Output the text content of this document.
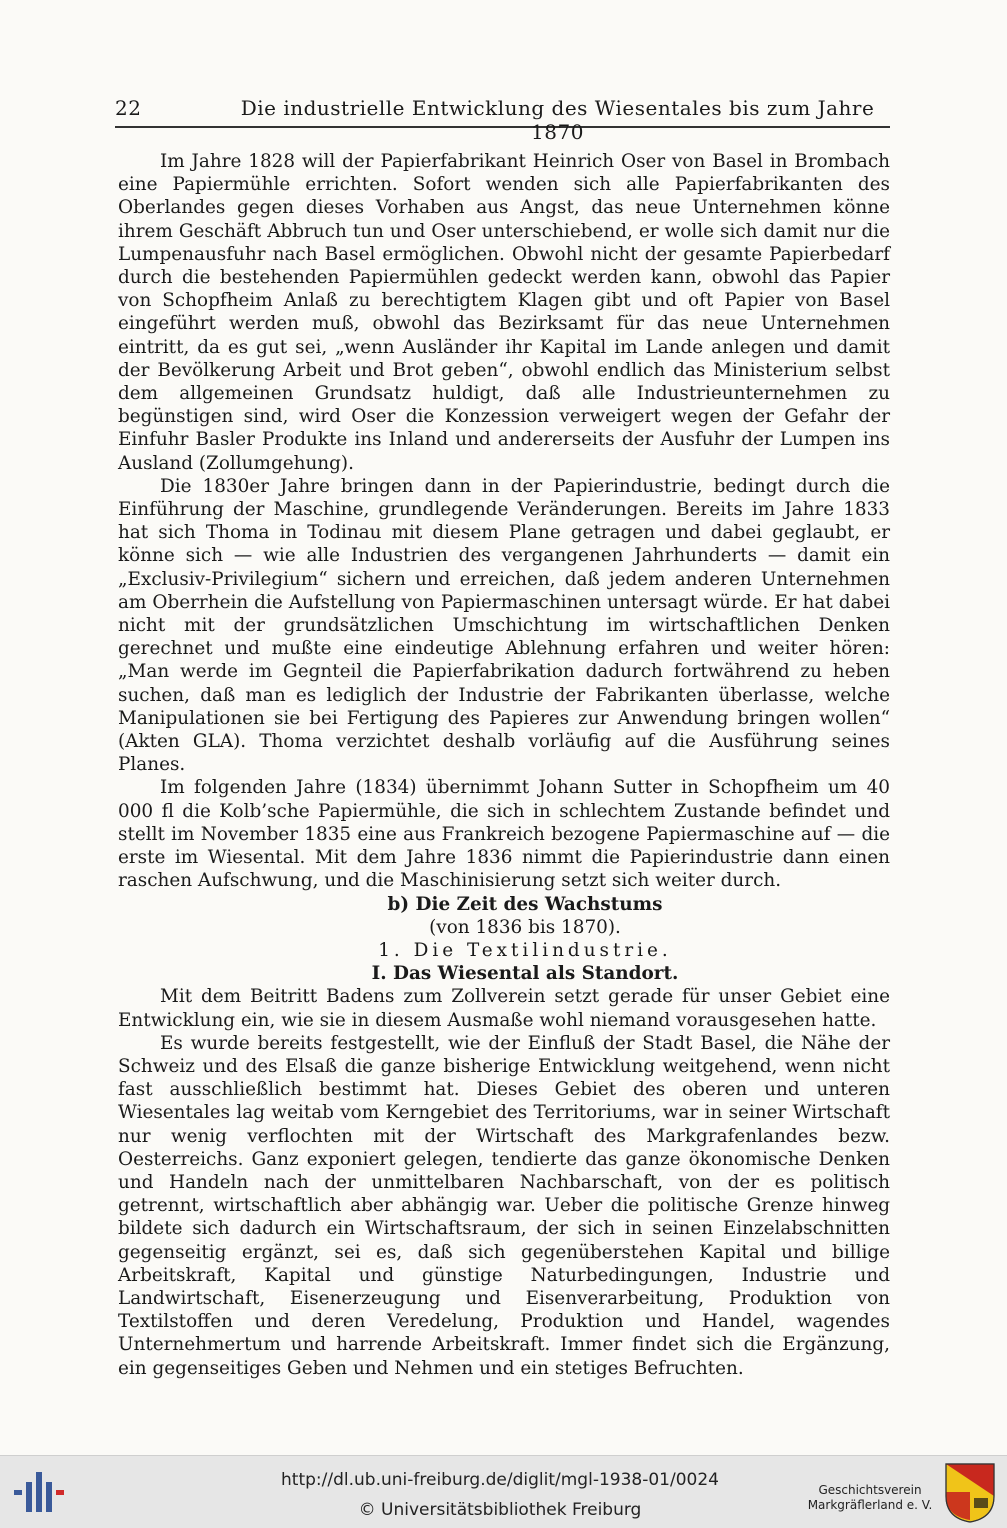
22	Die industrielle Entwicklung des Wiesentales bis zum Jahre 1870

Im Jahre 1828 will der Papierfabrikant Heinrich Oser von Basel in Brombach eine Papiermühle errichten. Sofort wenden sich alle Papierfabrikanten des Oberlandes gegen dieses Vorhaben aus Angst, das neue Unternehmen könne ihrem Geschäft Abbruch tun und Oser unterschiebend, er wolle sich damit nur die Lumpenausfuhr nach Basel ermöglichen. Obwohl nicht der gesamte Papierbedarf durch die bestehenden Papiermühlen gedeckt werden kann, obwohl das Papier von Schopfheim Anlaß zu berechtigtem Klagen gibt und oft Papier von Basel eingeführt werden muß, obwohl das Bezirksamt für das neue Unternehmen eintritt, da es gut sei, „wenn Ausländer ihr Kapital im Lande anlegen und damit der Bevölkerung Arbeit und Brot geben“, obwohl endlich das Ministerium selbst dem allgemeinen Grundsatz huldigt, daß alle Industrieunternehmen zu begünstigen sind, wird Oser die Konzession verweigert wegen der Gefahr der Einfuhr Basler Produkte ins Inland und andererseits der Ausfuhr der Lumpen ins Ausland (Zollumgehung).

Die 1830er Jahre bringen dann in der Papierindustrie, bedingt durch die Einführung der Maschine, grundlegende Veränderungen. Bereits im Jahre 1833 hat sich Thoma in Todinau mit diesem Plane getragen und dabei geglaubt, er könne sich — wie alle Industrien des vergangenen Jahrhunderts — damit ein „Exclusiv-Privilegium“ sichern und erreichen, daß jedem anderen Unternehmen am Oberrhein die Aufstellung von Papiermaschinen untersagt würde. Er hat dabei nicht mit der grundsätzlichen Umschichtung im wirtschaftlichen Denken gerechnet und mußte eine eindeutige Ablehnung erfahren und weiter hören: „Man werde im Gegnteil die Papierfabrikation dadurch fortwährend zu heben suchen, daß man es lediglich der Industrie der Fabrikanten überlasse, welche Manipulationen sie bei Fertigung des Papieres zur Anwendung bringen wollen“ (Akten GLA). Thoma verzichtet deshalb vorläufig auf die Ausführung seines Planes.

Im folgenden Jahre (1834) übernimmt Johann Sutter in Schopfheim um 40 000 fl die Kolb’sche Papiermühle, die sich in schlechtem Zustande befindet und stellt im November 1835 eine aus Frankreich bezogene Papiermaschine auf — die erste im Wiesental. Mit dem Jahre 1836 nimmt die Papierindustrie dann einen raschen Aufschwung, und die Maschinisierung setzt sich weiter durch.

b) Die Zeit des Wachstums

(von 1836 bis 1870).

1. Die Textilindustrie.

I. Das Wiesental als Standort.

Mit dem Beitritt Badens zum Zollverein setzt gerade für unser Gebiet eine Entwicklung ein, wie sie in diesem Ausmaße wohl niemand vorausgesehen hatte.

Es wurde bereits festgestellt, wie der Einfluß der Stadt Basel, die Nähe der Schweiz und des Elsaß die ganze bisherige Entwicklung weitgehend, wenn nicht fast ausschließlich bestimmt hat. Dieses Gebiet des oberen und unteren Wiesentales lag weitab vom Kerngebiet des Territoriums, war in seiner Wirtschaft nur wenig verflochten mit der Wirtschaft des Markgrafenlandes bezw. Oesterreichs. Ganz exponiert gelegen, tendierte das ganze ökonomische Denken und Handeln nach der unmittelbaren Nachbarschaft, von der es politisch getrennt, wirtschaftlich aber abhängig war. Ueber die politische Grenze hinweg bildete sich dadurch ein Wirtschaftsraum, der sich in seinen Einzelabschnitten gegenseitig ergänzt, sei es, daß sich gegenüberstehen Kapital und billige Arbeitskraft, Kapital und günstige Naturbedingungen, Industrie und Landwirtschaft, Eisenerzeugung und Eisenverarbeitung, Produktion von Textilstoffen und deren Veredelung, Produktion und Handel, wagendes Unternehmertum und harrende Arbeitskraft. Immer findet sich die Ergänzung, ein gegenseitiges Geben und Nehmen und ein stetiges Befruchten.

http://dl.ub.uni-freiburg.de/diglit/mgl-1938-01/0024
© Universitätsbibliothek Freiburg
Geschichtsverein
Markgräflerland e. V.
